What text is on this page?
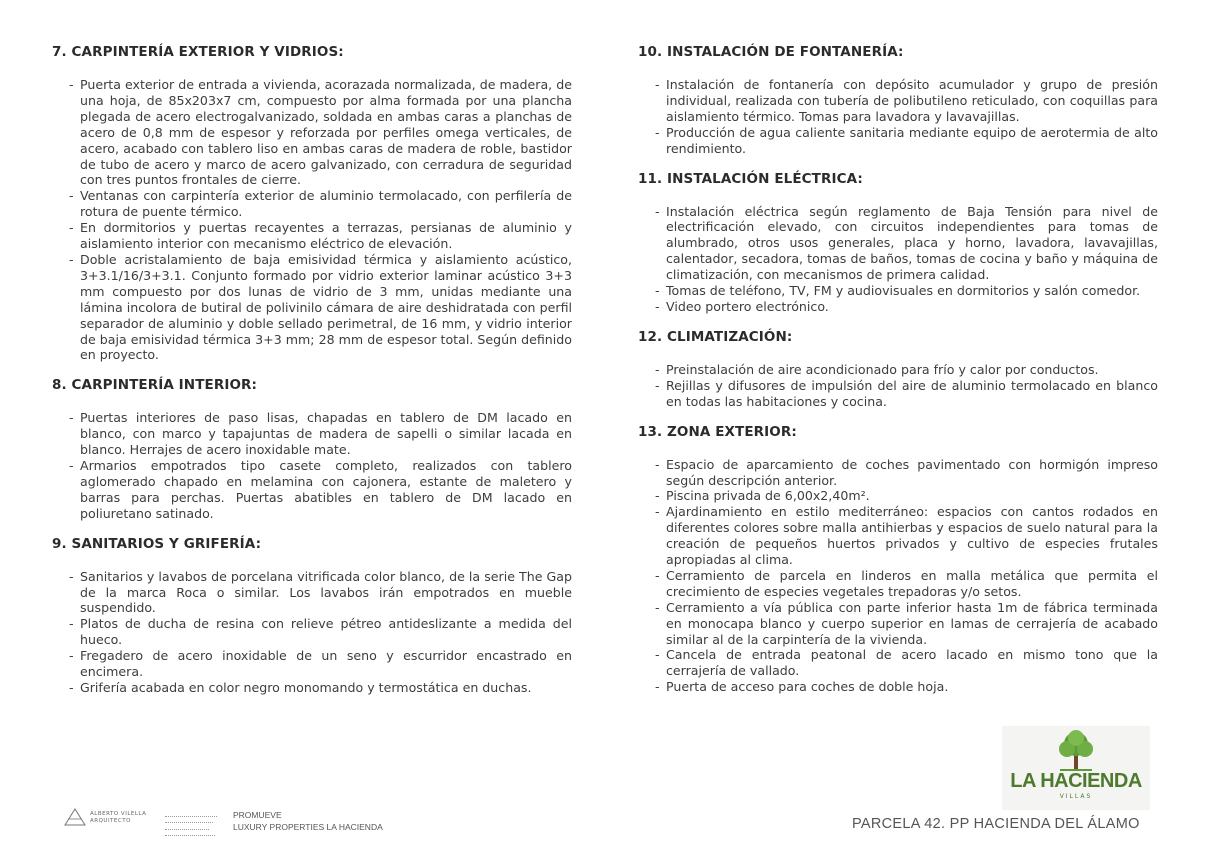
7. CARPINTERÍA EXTERIOR Y VIDRIOS:
- Puerta exterior de entrada a vivienda, acorazada normalizada, de madera, de una hoja, de 85x203x7 cm, compuesto por alma formada por una plancha plegada de acero electrogalvanizado, soldada en ambas caras a planchas de acero de 0,8 mm de espesor y reforzada por perfiles omega verticales, de acero, acabado con tablero liso en ambas caras de madera de roble, bastidor de tubo de acero y marco de acero galvanizado, con cerradura de seguridad con tres puntos frontales de cierre.
- Ventanas con carpintería exterior de aluminio termolacado, con perfilería de rotura de puente térmico.
- En dormitorios y puertas recayentes a terrazas, persianas de aluminio y aislamiento interior con mecanismo eléctrico de elevación.
- Doble acristalamiento de baja emisividad térmica y aislamiento acústico, 3+3.1/16/3+3.1. Conjunto formado por vidrio exterior laminar acústico 3+3 mm compuesto por dos lunas de vidrio de 3 mm, unidas mediante una lámina incolora de butiral de polivinilo cámara de aire deshidratada con perfil separador de aluminio y doble sellado perimetral, de 16 mm, y vidrio interior de baja emisividad térmica 3+3 mm; 28 mm de espesor total. Según definido en proyecto.
8. CARPINTERÍA INTERIOR:
- Puertas interiores de paso lisas, chapadas en tablero de DM lacado en blanco, con marco y tapajuntas de madera de sapelli o similar lacada en blanco. Herrajes de acero inoxidable mate.
- Armarios empotrados tipo casete completo, realizados con tablero aglomerado chapado en melamina con cajonera, estante de maletero y barras para perchas. Puertas abatibles en tablero de DM lacado en poliuretano satinado.
9. SANITARIOS Y GRIFERÍA:
- Sanitarios y lavabos de porcelana vitrificada color blanco, de la serie The Gap de la marca Roca o similar. Los lavabos irán empotrados en mueble suspendido.
- Platos de ducha de resina con relieve pétreo antideslizante a medida del hueco.
- Fregadero de acero inoxidable de un seno y escurridor encastrado en encimera.
- Grifería acabada en color negro monomando y termostática en duchas.
10. INSTALACIÓN DE FONTANERÍA:
- Instalación de fontanería con depósito acumulador y grupo de presión individual, realizada con tubería de polibutileno reticulado, con coquillas para aislamiento térmico. Tomas para lavadora y lavavajillas.
- Producción de agua caliente sanitaria mediante equipo de aerotermia de alto rendimiento.
11. INSTALACIÓN ELÉCTRICA:
- Instalación eléctrica según reglamento de Baja Tensión para nivel de electrificación elevado, con circuitos independientes para tomas de alumbrado, otros usos generales, placa y horno, lavadora, lavavajillas, calentador, secadora, tomas de baños, tomas de cocina y baño y máquina de climatización, con mecanismos de primera calidad.
- Tomas de teléfono, TV, FM y audiovisuales en dormitorios y salón comedor.
- Video portero electrónico.
12. CLIMATIZACIÓN:
- Preinstalación de aire acondicionado para frío y calor por conductos.
- Rejillas y difusores de impulsión del aire de aluminio termolacado en blanco en todas las habitaciones y cocina.
13. ZONA EXTERIOR:
- Espacio de aparcamiento de coches pavimentado con hormigón impreso según descripción anterior.
- Piscina privada de 6,00x2,40m².
- Ajardinamiento en estilo mediterráneo: espacios con cantos rodados en diferentes colores sobre malla antihierbas y espacios de suelo natural para la creación de pequeños huertos privados y cultivo de especies frutales apropiadas al clima.
- Cerramiento de parcela en linderos en malla metálica que permita el crecimiento de especies vegetales trepadoras y/o setos.
- Cerramiento a vía pública con parte inferior hasta 1m de fábrica terminada en monocapa blanco y cuerpo superior en lamas de cerrajería de acabado similar al de la carpintería de la vivienda.
- Cancela de entrada peatonal de acero lacado en mismo tono que la cerrajería de vallado.
- Puerta de acceso para coches de doble hoja.
LA HACIENDA
VILLAS
ALBERTO VILELLA
ARQUITECTO
PROMUEVE
LUXURY PROPERTIES LA HACIENDA	PARCELA 42. PP HACIENDA DEL ÁLAMO
